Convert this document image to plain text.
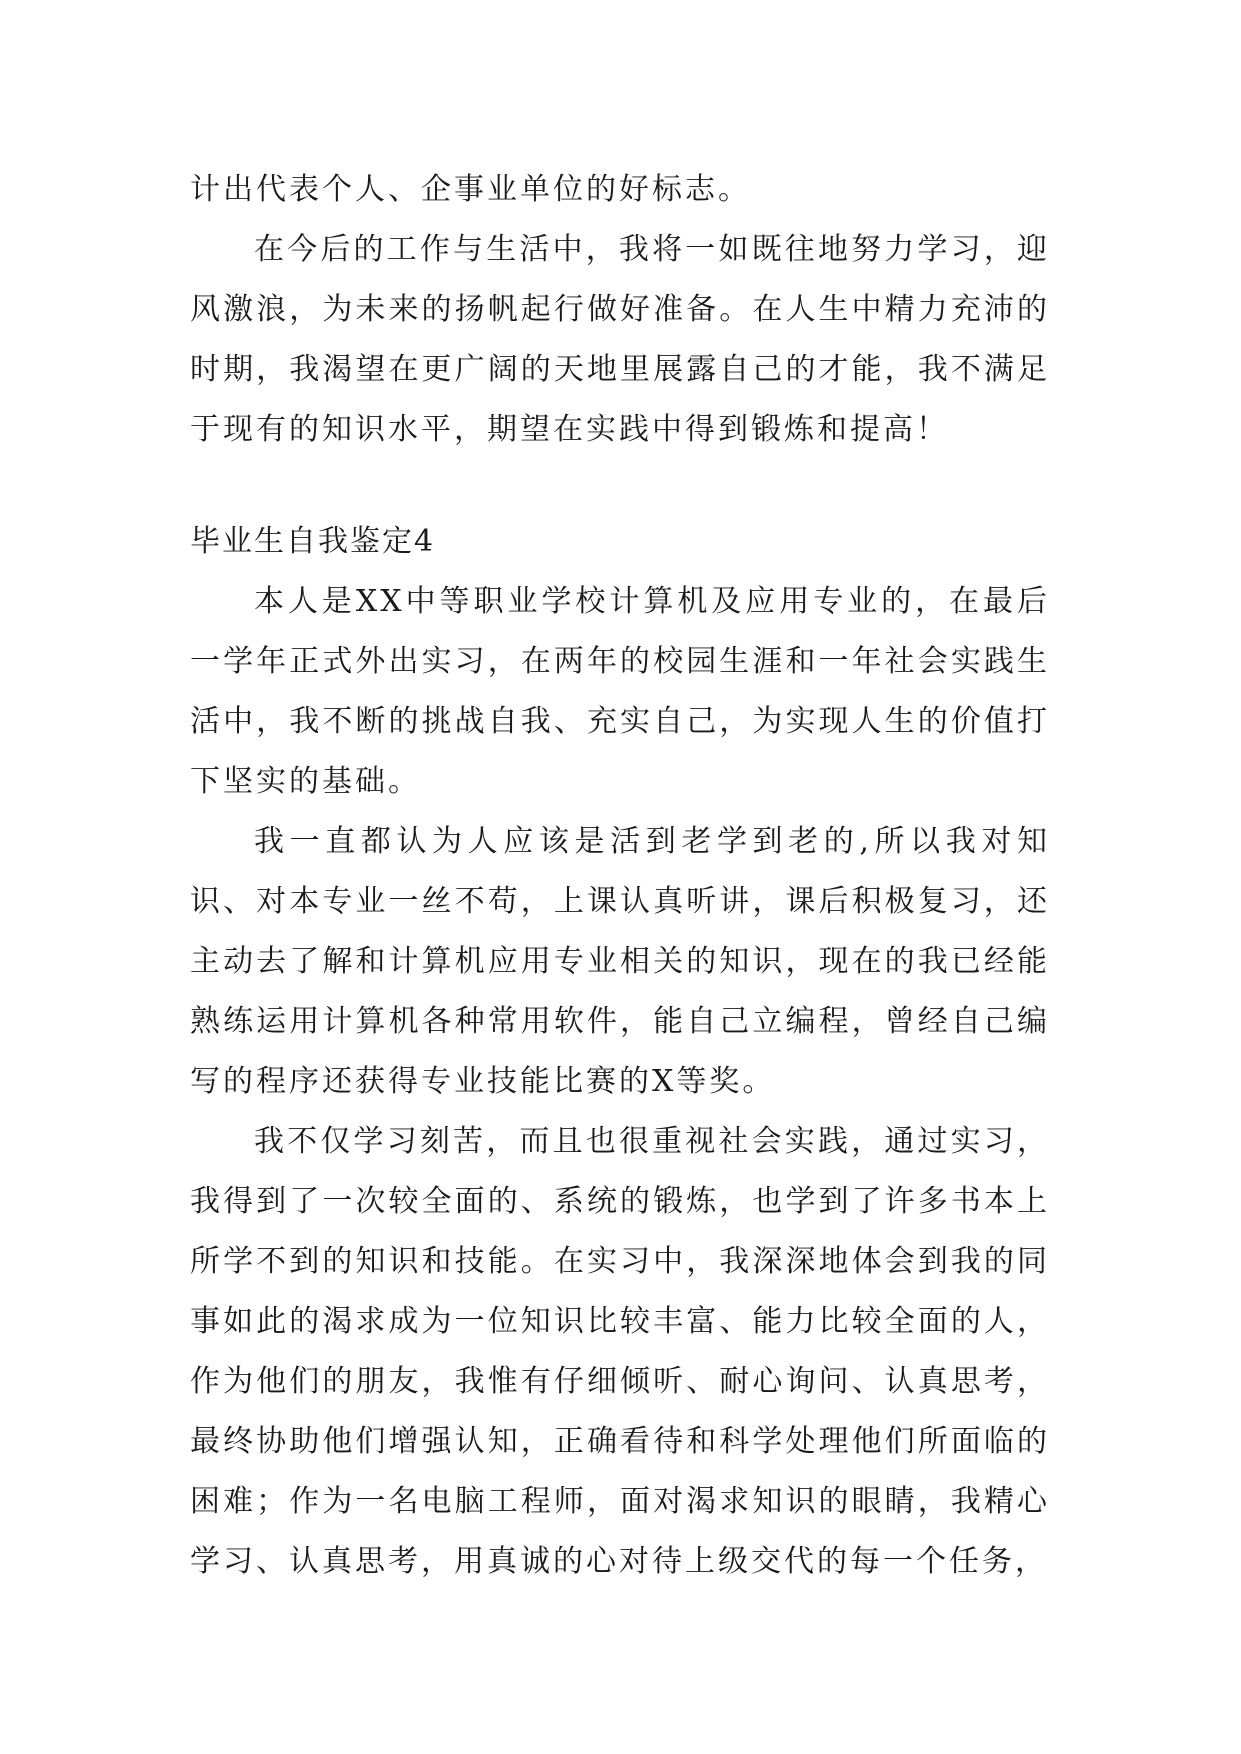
计出代表个人、企事业单位的好标志。

在今后的工作与生活中，我将一如既往地努力学习，迎风激浪，为未来的扬帆起行做好准备。在人生中精力充沛的时期，我渴望在更广阔的天地里展露自己的才能，我不满足于现有的知识水平，期望在实践中得到锻炼和提高！

毕业生自我鉴定4

本人是XX中等职业学校计算机及应用专业的，在最后一学年正式外出实习，在两年的校园生涯和一年社会实践生活中，我不断的挑战自我、充实自己，为实现人生的价值打下坚实的基础。

我一直都认为人应该是活到老学到老的,所以我对知识、对本专业一丝不苟，上课认真听讲，课后积极复习，还主动去了解和计算机应用专业相关的知识，现在的我已经能熟练运用计算机各种常用软件，能自己立编程，曾经自己编写的程序还获得专业技能比赛的X等奖。

我不仅学习刻苦，而且也很重视社会实践，通过实习，我得到了一次较全面的、系统的锻炼，也学到了许多书本上所学不到的知识和技能。在实习中，我深深地体会到我的同事如此的渴求成为一位知识比较丰富、能力比较全面的人，作为他们的朋友，我惟有仔细倾听、耐心询问、认真思考，最终协助他们增强认知，正确看待和科学处理他们所面临的困难；作为一名电脑工程师，面对渴求知识的眼睛，我精心学习、认真思考，用真诚的心对待上级交代的每一个任务，
